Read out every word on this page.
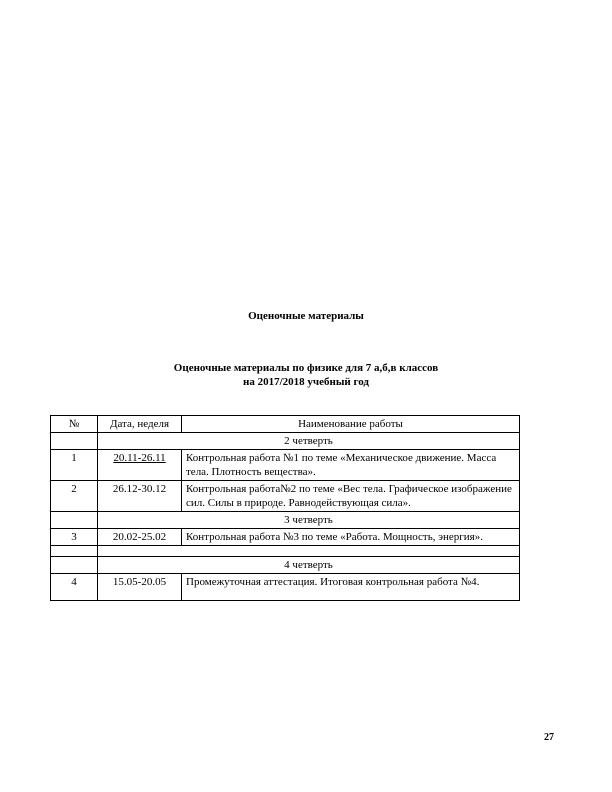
Оценочные материалы
Оценочные материалы по физике для 7 а,б,в классов
на 2017/2018 учебный год
№	Дата, неделя	Наименование работы
	2 четверть	
1	20.11-26.11	Контрольная работа №1 по теме «Механическое движение. Масса тела. Плотность вещества».
2	26.12-30.12	Контрольная работа№2 по теме «Вес тела. Графическое изображение сил. Силы в природе. Равнодействующая сила».
	3 четверть	
3	20.02-25.02	Контрольная работа №3 по теме «Работа. Мощность, энергия».

	4 четверть	
4	15.05-20.05	Промежуточная аттестация. Итоговая контрольная работа №4.
27
